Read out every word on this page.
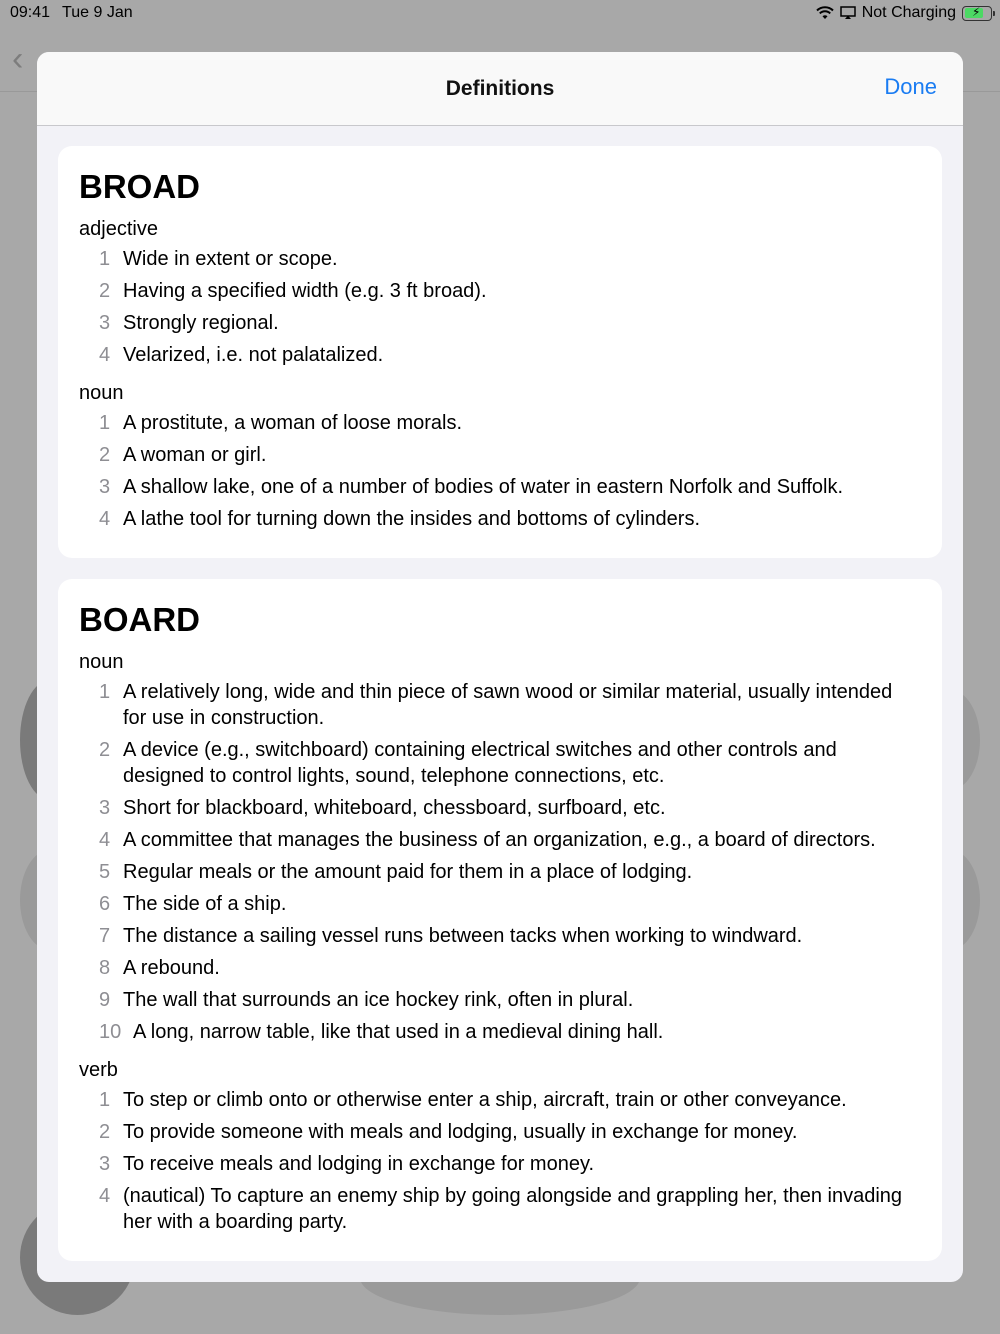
09:41 Tue 9 Jan	Not Charging ⚡
‹
Definitions	Done
BROAD
adjective
1 Wide in extent or scope.
2 Having a specified width (e.g. 3 ft broad).
3 Strongly regional.
4 Velarized, i.e. not palatalized.
noun
1 A prostitute, a woman of loose morals.
2 A woman or girl.
3 A shallow lake, one of a number of bodies of water in eastern Norfolk and Suffolk.
4 A lathe tool for turning down the insides and bottoms of cylinders.
BOARD
noun
1 A relatively long, wide and thin piece of sawn wood or similar material, usually intended for use in construction.
2 A device (e.g., switchboard) containing electrical switches and other controls and designed to control lights, sound, telephone connections, etc.
3 Short for blackboard, whiteboard, chessboard, surfboard, etc.
4 A committee that manages the business of an organization, e.g., a board of directors.
5 Regular meals or the amount paid for them in a place of lodging.
6 The side of a ship.
7 The distance a sailing vessel runs between tacks when working to windward.
8 A rebound.
9 The wall that surrounds an ice hockey rink, often in plural.
10 A long, narrow table, like that used in a medieval dining hall.
verb
1 To step or climb onto or otherwise enter a ship, aircraft, train or other conveyance.
2 To provide someone with meals and lodging, usually in exchange for money.
3 To receive meals and lodging in exchange for money.
4 (nautical) To capture an enemy ship by going alongside and grappling her, then invading her with a boarding party.
